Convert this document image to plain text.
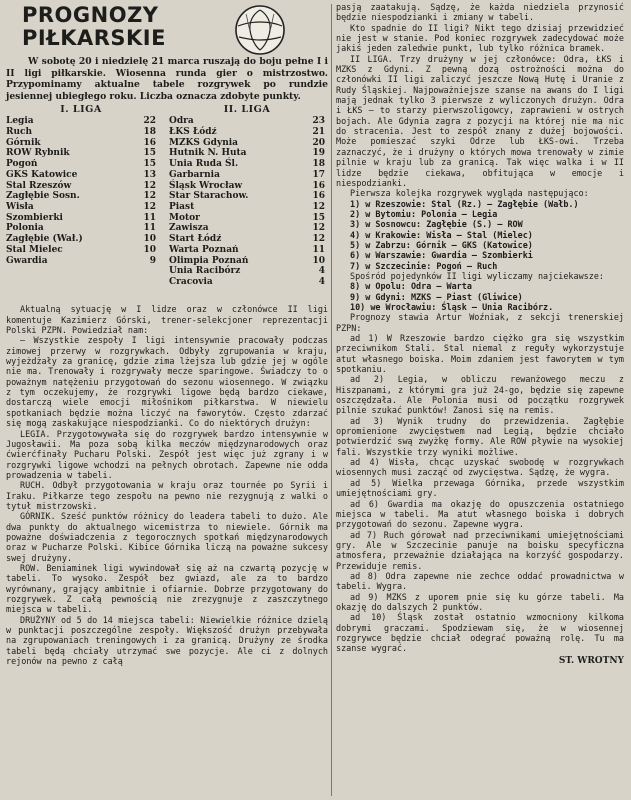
PROGNOZY
PIŁKARSKIE

W sobotę 20 i niedzielę 21 marca ruszają do boju pełne I i II ligi piłkarskie. Wiosenna runda gier o mistrzostwo. Przypominamy aktualne tabele rozgrywek po rundzie jesiennej ubiegłego roku. Liczba oznacza zdobyte punkty.

I. LIGA
Legia	22
Ruch	18
Górnik	16
ROW Rybnik	15
Pogoń	15
GKS Katowice	13
Stal Rzeszów	12
Zagłębie Sosn.	12
Wisła	12
Szombierki	11
Polonia	11
Zagłębie (Wał.)	10
Stal Mielec	10
Gwardia	9
II. LIGA
Odra	23
ŁKS Łódź	21
MZKS Gdynia	20
Hutnik N. Huta	19
Unia Ruda Śl.	18
Garbarnia	17
Śląsk Wrocław	16
Star Starachow.	16
Piast	12
Motor	15
Zawisza	12
Start Łódź	12
Warta Poznań	11
Olimpia Poznań	10
Unia Racibórz	4
Cracovia	4

Aktualną sytuację w I lidze oraz w członówce II ligi komentuje Kazimierz Górski, trener-selekcjoner reprezentacji Polski PZPN. Powiedział nam:

— Wszystkie zespoły I ligi intensywnie pracowały podczas zimowej przerwy w rozgrywkach. Odbyły zgrupowania w kraju, wyjeżdżały za granicę, gdzie zima lżejsza lub gdzie jej w ogóle nie ma. Trenowały i rozgrywały mecze sparingowe. Świadczy to o poważnym natężeniu przygotowań do sezonu wiosennego. W związku z tym oczekujemy, że rozgrywki ligowe będą bardzo ciekawe, dostarczą wiele emocji miłośnikom piłkarstwa. W niewielu spotkaniach będzie można liczyć na faworytów. Często zdarzać się mogą zaskakujące niespodzianki. Co do niektórych drużyn:

LEGIA. Przygotowywała się do rozgrywek bardzo intensywnie w Jugosławii. Ma poza sobą kilka meczów międzynarodowych oraz ćwierćfinały Pucharu Polski. Zespół jest więc już zgrany i w rozgrywki ligowe wchodzi na pełnych obrotach. Zapewne nie odda prowadzenia w tabeli.

RUCH. Odbył przygotowania w kraju oraz tournée po Syrii i Iraku. Piłkarze tego zespołu na pewno nie rezygnują z walki o tytuł mistrzowski.

GÓRNIK. Sześć punktów różnicy do leadera tabeli to dużo. Ale dwa punkty do aktualnego wicemistrza to niewiele. Górnik ma poważne doświadczenia z tegorocznych spotkań międzynarodowych oraz w Pucharze Polski. Kibice Górnika liczą na poważne sukcesy swej drużyny.

ROW. Beniaminek ligi wywindował się aż na czwartą pozycję w tabeli. To wysoko. Zespół bez gwiazd, ale za to bardzo wyrównany, grający ambitnie i ofiarnie. Dobrze przygotowany do rozgrywek. Z całą pewnością nie zrezygnuje z zaszczytnego miejsca w tabeli.

DRUŻYNY od 5 do 14 miejsca tabeli: Niewielkie różnice dzielą w punktacji poszczególne zespoły. Większość drużyn przebywała na zgrupowaniach treningowych i za granicą. Drużyny ze środka tabeli będą chciały utrzymać swe pozycje. Ale ci z dolnych rejonów na pewno z całą

pasją zaatakują. Sądzę, że każda niedziela przynosić będzie niespodzianki i zmiany w tabeli.

Kto spadnie do II ligi? Nikt tego dzisiaj przewidzieć nie jest w stanie. Pod koniec rozgrywek zadecydować może jakiś jeden zaledwie punkt, lub tylko różnica bramek.

II LIGA. Trzy drużyny w jej członówce: Odra, ŁKS i MZKS z Gdyni. Z pewną dozą ostrożności można do członówki II ligi zaliczyć jeszcze Nową Hutę i Uranie z Rudy Śląskiej. Najpoważniejsze szanse na awans do I ligi mają jednak tylko 3 pierwsze z wyliczonych drużyn. Odra i ŁKS — to starzy pierwszoligowcy, zaprawieni w ostrych bojach. Ale Gdynia zagra z pozycji na której nie ma nic do stracenia. Jest to zespół znany z dużej bojowości. Może pomieszać szyki Odrze lub ŁKS-owi. Trzeba zaznaczyć, że i drużyny o których mowa trenowały w zimie pilnie w kraju lub za granicą. Tak więc walka i w II lidze będzie ciekawa, obfitująca w emocje i niespodzianki.

Pierwsza kolejka rozgrywek wygląda następująco:

1) w Rzeszowie: Stal (Rz.) — Zagłębie (Wałb.)

2) w Bytomiu: Polonia — Legia

3) w Sosnowcu: Zagłębie (S.) — ROW

4) w Krakowie: Wisła — Stal (Mielec)

5) w Zabrzu: Górnik — GKS (Katowice)

6) w Warszawie: Gwardia — Szombierki

7) w Szczecinie: Pogoń — Ruch

Spośród pojedynków II ligi wyliczamy najciekawsze:

8) w Opolu: Odra — Warta

9) w Gdyni: MZKS — Piast (Gliwice)

10) we Wrocławiu: Śląsk — Unia Racibórz.

Prognozy stawia Artur Woźniak, z sekcji trenerskiej PZPN:

ad 1) W Rzeszowie bardzo ciężko gra się wszystkim przeciwnikom Stali. Stal niemal z reguły wykorzystuje atut własnego boiska. Moim zdaniem jest faworytem w tym spotkaniu.

ad 2) Legia, w obliczu rewanżowego meczu z Hiszpanami, z którymi gra już 24-go, będzie się zapewne oszczędzała. Ale Polonia musi od początku rozgrywek pilnie szukać punktów! Zanosi się na remis.

ad 3) Wynik trudny do przewidzenia. Zagłębie opromienione zwycięstwem nad Legią, będzie chciało potwierdzić swą zwyżkę formy. Ale ROW pływie na wysokiej fali. Wszystkie trzy wyniki możliwe.

ad 4) Wisła, chcąc uzyskać swobodę w rozgrywkach wiosennych musi zacząć od zwycięstwa. Sądzę, że wygra.

ad 5) Wielka przewaga Górnika, przede wszystkim umiejętnościami gry.

ad 6) Gwardia ma okazję do opuszczenia ostatniego miejsca w tabeli. Ma atut własnego boiska i dobrych przygotowań do sezonu. Zapewne wygra.

ad 7) Ruch górował nad przeciwnikami umiejętnościami gry. Ale w Szczecinie panuje na boisku specyficzna atmosfera, przeważnie działająca na korzyść gospodarzy. Przewiduje remis.

ad 8) Odra zapewne nie zechce oddać prowadnictwa w tabeli. Wygra.

ad 9) MZKS z uporem pnie się ku górze tabeli. Ma okazję do dalszych 2 punktów.

ad 10) Śląsk został ostatnio wzmocniony kilkoma dobrymi graczami. Spodziewam się, że w wiosennej rozgrywce będzie chciał odegrać poważną rolę. Tu ma szanse wygrać.

ST. WROTNY
